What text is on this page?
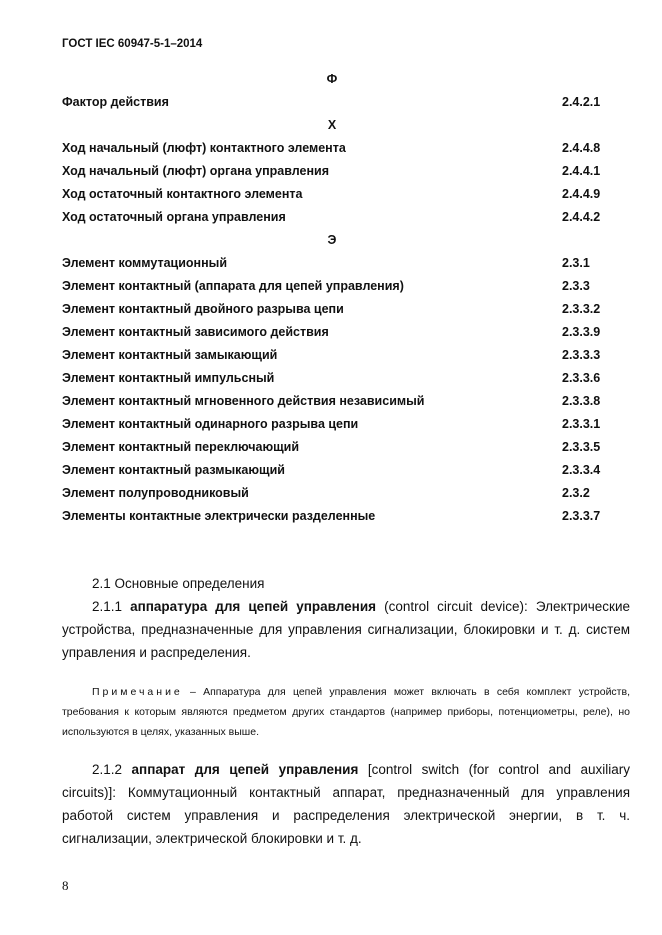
ГОСТ IEC 60947-5-1–2014
Ф
Фактор действия	2.4.2.1
Х
Ход начальный (люфт) контактного элемента	2.4.4.8
Ход начальный (люфт) органа управления	2.4.4.1
Ход остаточный контактного элемента	2.4.4.9
Ход остаточный органа управления	2.4.4.2
Э
Элемент коммутационный	2.3.1
Элемент контактный (аппарата для цепей управления)	2.3.3
Элемент контактный двойного разрыва цепи	2.3.3.2
Элемент контактный зависимого действия	2.3.3.9
Элемент контактный замыкающий	2.3.3.3
Элемент контактный импульсный	2.3.3.6
Элемент контактный мгновенного действия независимый	2.3.3.8
Элемент контактный одинарного разрыва цепи	2.3.3.1
Элемент контактный переключающий	2.3.3.5
Элемент контактный размыкающий	2.3.3.4
Элемент полупроводниковый	2.3.2
Элементы контактные электрически разделенные	2.3.3.7
2.1 Основные определения

2.1.1 аппаратура для цепей управления (control circuit device): Электрические устройства, предназначенные для управления сигнализации, блокировки и т. д. систем управления и распределения.

Примечание – Аппаратура для цепей управления может включать в себя комплект устройств, требования к которым являются предметом других стандартов (например приборы, потенциометры, реле), но используются в целях, указанных выше.

2.1.2 аппарат для цепей управления [control switch (for control and auxiliary circuits)]: Коммутационный контактный аппарат, предназначенный для управления работой систем управления и распределения электрической энергии, в т. ч. сигнализации, электрической блокировки и т. д.

8
